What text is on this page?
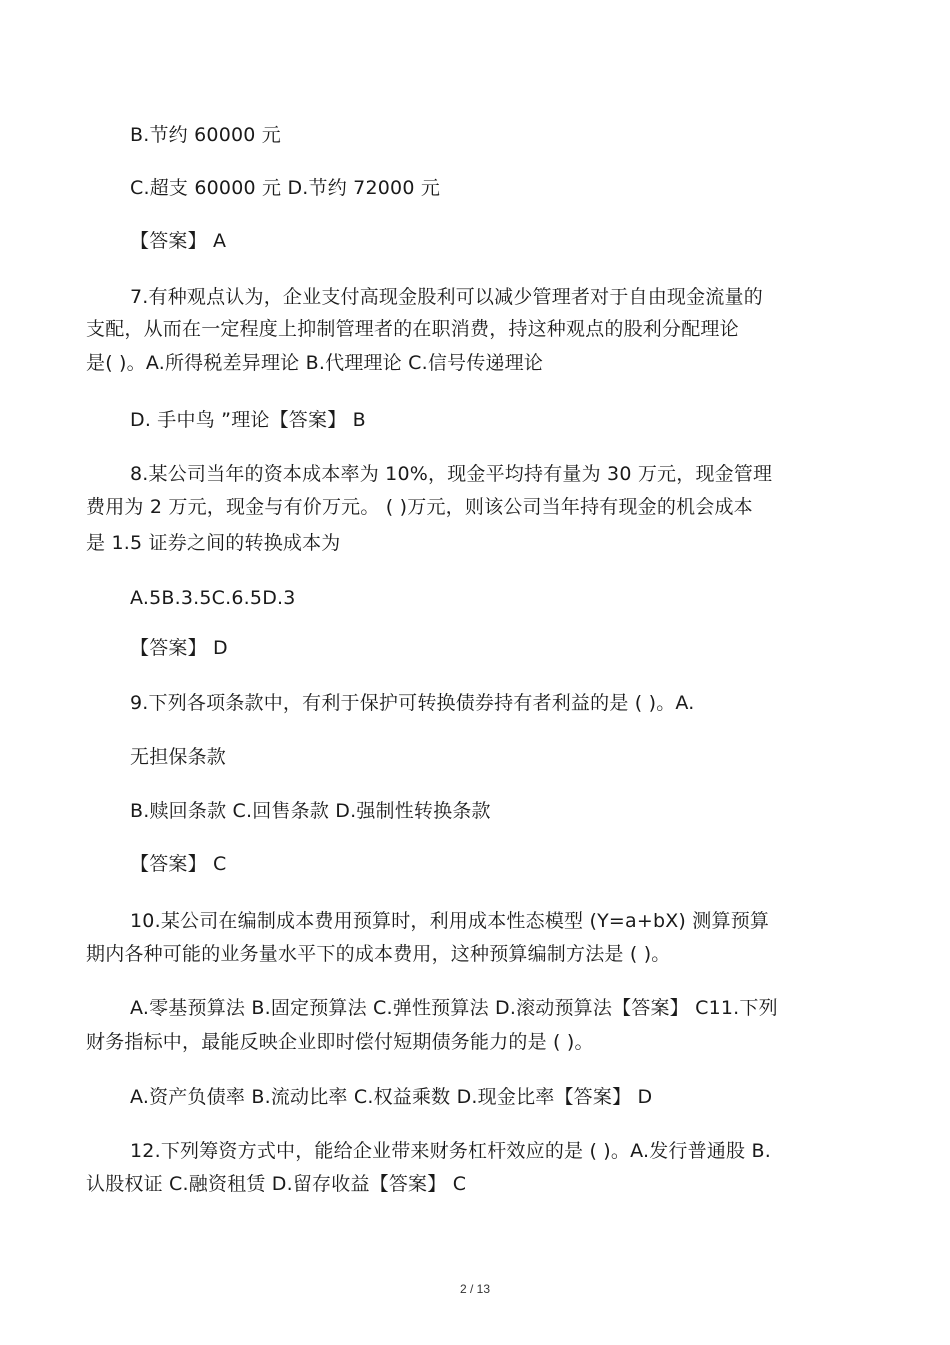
B.节约 60000 元
C.超支 60000 元 D.节约 72000 元
【答案】 A
7.有种观点认为，企业支付高现金股利可以减少管理者对于自由现金流量的
支配，从而在一定程度上抑制管理者的在职消费，持这种观点的股利分配理论
是( )。A.所得税差异理论 B.代理理论 C.信号传递理论
D. 手中鸟 ”理论【答案】 B
8.某公司当年的资本成本率为 10%，现金平均持有量为 30 万元，现金管理
费用为 2 万元，现金与有价万元。 ( )万元，则该公司当年持有现金的机会成本
是 1.5 证券之间的转换成本为
A.5B.3.5C.6.5D.3
【答案】 D
9.下列各项条款中，有利于保护可转换债券持有者利益的是 ( )。A.
无担保条款
B.赎回条款 C.回售条款 D.强制性转换条款
【答案】 C
10.某公司在编制成本费用预算时，利用成本性态模型 (Y=a+bX) 测算预算
期内各种可能的业务量水平下的成本费用，这种预算编制方法是 ( )。
A.零基预算法 B.固定预算法 C.弹性预算法 D.滚动预算法【答案】 C11.下列
财务指标中，最能反映企业即时偿付短期债务能力的是 ( )。
A.资产负债率 B.流动比率 C.权益乘数 D.现金比率【答案】 D
12.下列筹资方式中，能给企业带来财务杠杆效应的是 ( )。A.发行普通股 B.
认股权证 C.融资租赁 D.留存收益【答案】 C
2 / 13
